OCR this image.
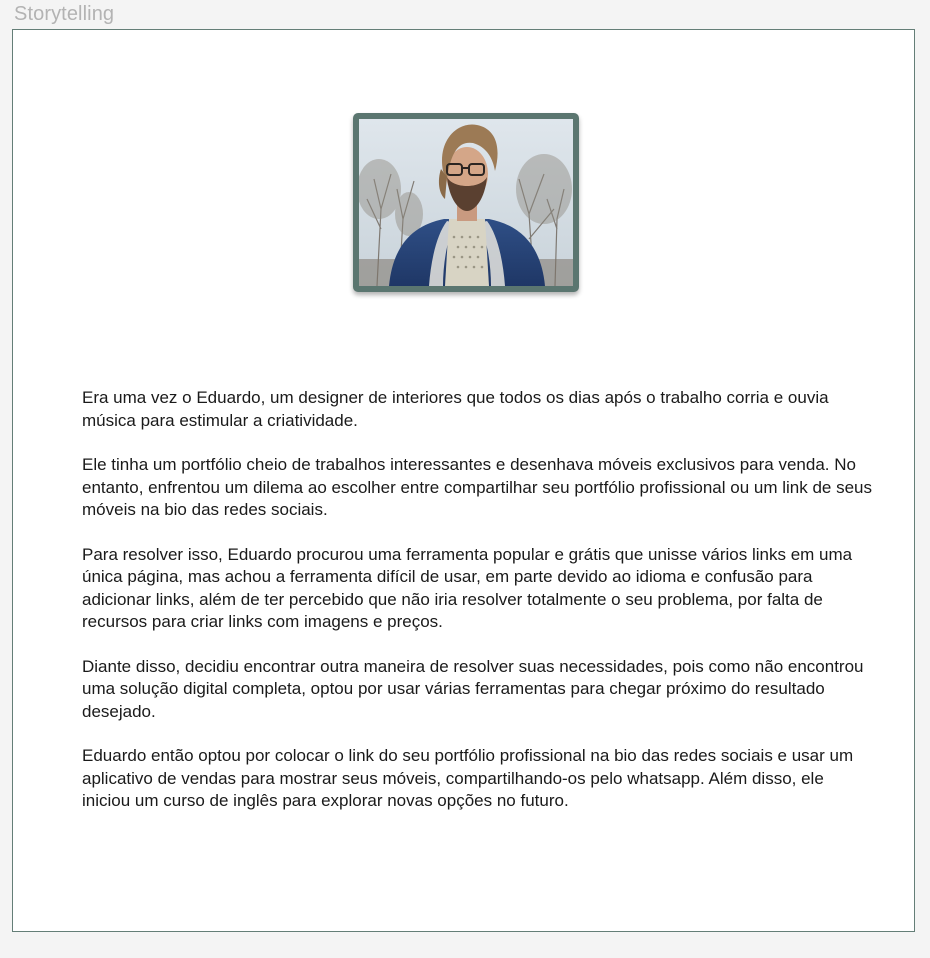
Storytelling

Era uma vez o Eduardo, um designer de interiores que todos os dias após o trabalho corria e ouvia música para estimular a criatividade.

Ele tinha um portfólio cheio de trabalhos interessantes e desenhava móveis exclusivos para venda. No entanto, enfrentou um dilema ao escolher entre compartilhar seu portfólio profissional ou um link de seus móveis na bio das redes sociais.

Para resolver isso, Eduardo procurou uma ferramenta popular e grátis que unisse vários links em uma única página, mas achou a ferramenta difícil de usar, em parte devido ao idioma e confusão para adicionar links, além de ter percebido que não iria resolver totalmente o seu problema, por falta de recursos para criar links com imagens e preços.

Diante disso, decidiu encontrar outra maneira de resolver suas necessidades, pois como não encontrou uma solução digital completa, optou por usar várias ferramentas para chegar próximo do resultado desejado.

Eduardo então optou por colocar o link do seu portfólio profissional na bio das redes sociais e usar um aplicativo de vendas para mostrar seus móveis, compartilhando-os pelo whatsapp. Além disso, ele iniciou um curso de inglês para explorar novas opções no futuro.
